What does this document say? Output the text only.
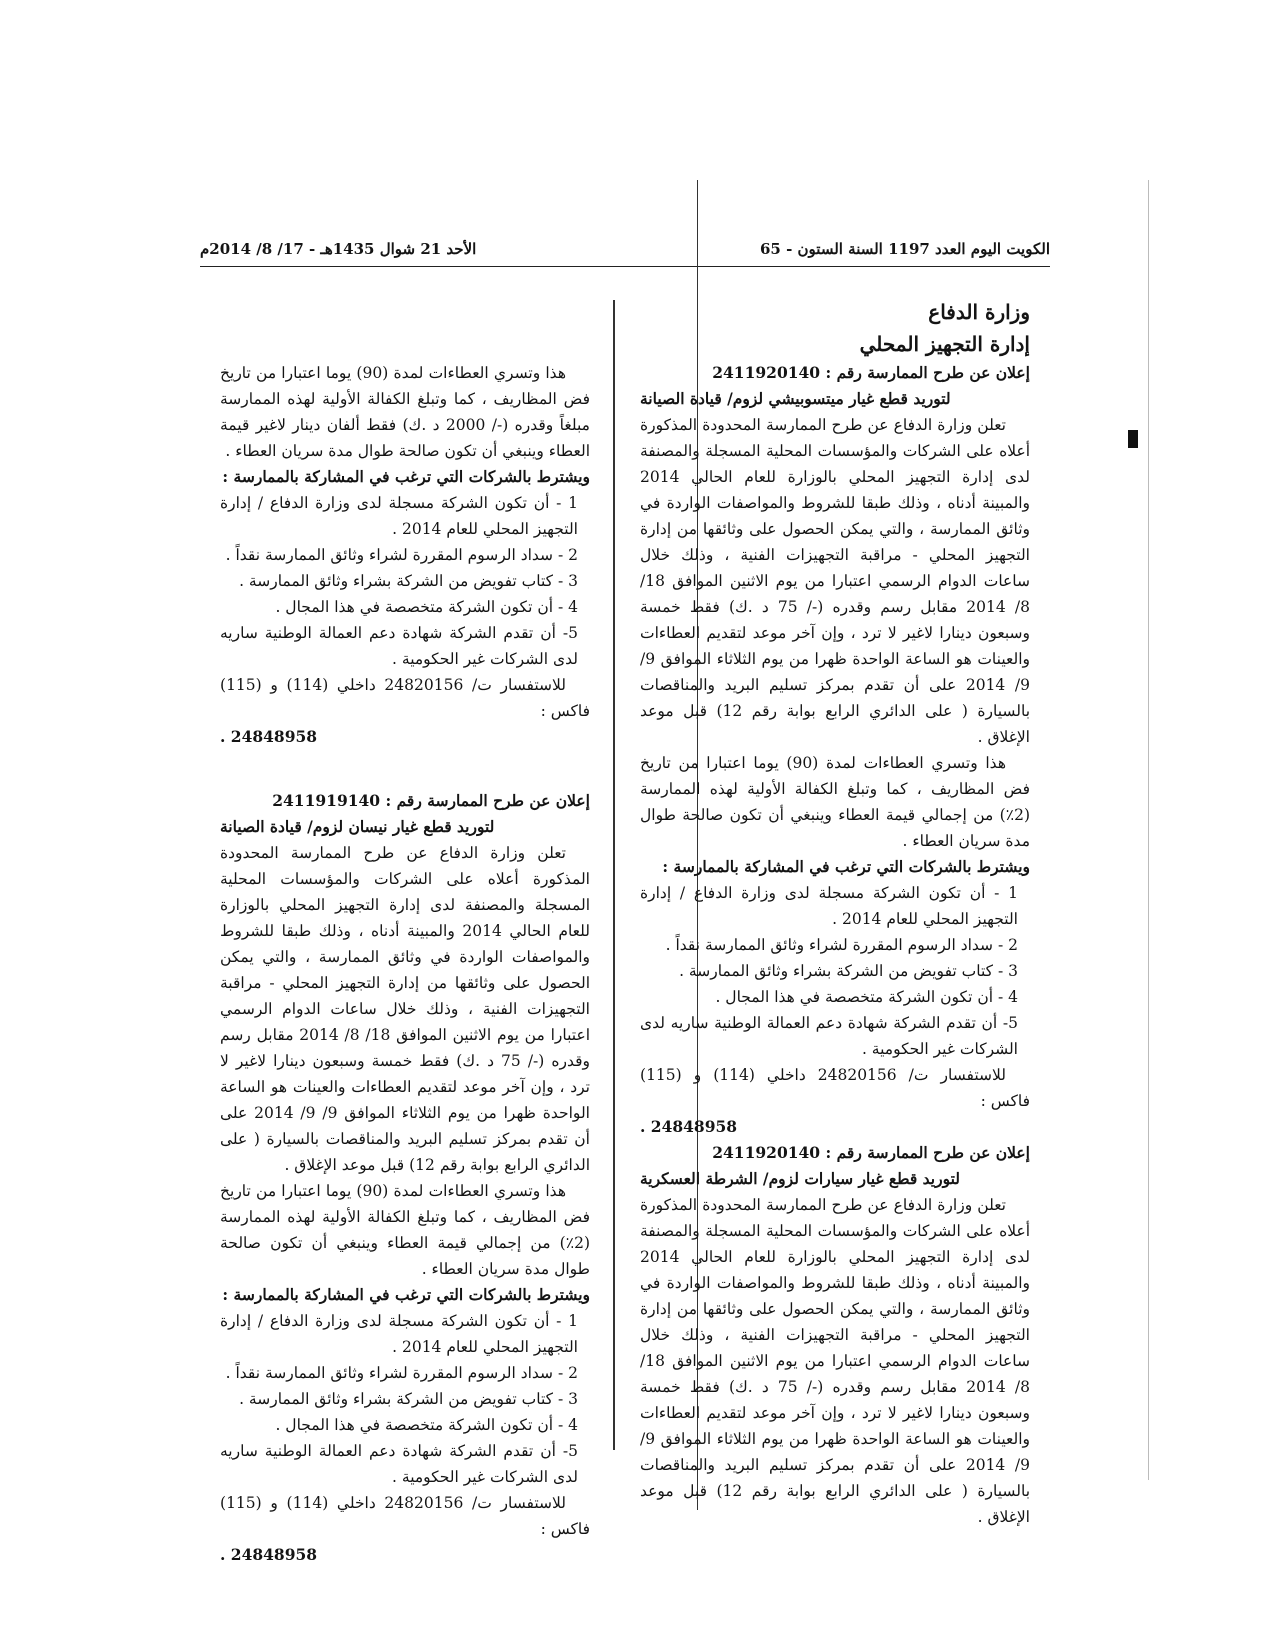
الكويت اليوم العدد 1197 السنة الستون - 65
الأحد 21 شوال 1435هـ - 17/ 8/ 2014م

وزارة الدفاع

إدارة التجهيز المحلي

إعلان عن طرح الممارسة رقم : 2411920140

لتوريد قطع غيار ميتسوبيشي لزوم/ قيادة الصيانة

تعلن وزارة الدفاع عن طرح الممارسة المحدودة المذكورة أعلاه على الشركات والمؤسسات المحلية المسجلة والمصنفة لدى إدارة التجهيز المحلي بالوزارة للعام الحالي 2014 والمبينة أدناه ، وذلك طبقا للشروط والمواصفات الواردة في وثائق الممارسة ، والتي يمكن الحصول على وثائقها من إدارة التجهيز المحلي - مراقبة التجهيزات الفنية ، وذلك خلال ساعات الدوام الرسمي اعتبارا من يوم الاثنين الموافق 18/ 8/ 2014 مقابل رسم وقدره (-/ 75 د .ك) فقط خمسة وسبعون دينارا لاغير لا ترد ، وإن آخر موعد لتقديم العطاءات والعينات هو الساعة الواحدة ظهرا من يوم الثلاثاء الموافق 9/ 9/ 2014 على أن تقدم بمركز تسليم البريد والمناقصات بالسيارة ( على الدائري الرابع بوابة رقم 12) قبل موعد الإغلاق .

هذا وتسري العطاءات لمدة (90) يوما اعتبارا من تاريخ فض المظاريف ، كما وتبلغ الكفالة الأولية لهذه الممارسة (2٪) من إجمالي قيمة العطاء وينبغي أن تكون صالحة طوال مدة سريان العطاء .

ويشترط بالشركات التي ترغب في المشاركة بالممارسة :

1 - أن تكون الشركة مسجلة لدى وزارة الدفاع / إدارة التجهيز المحلي للعام 2014 .

2 - سداد الرسوم المقررة لشراء وثائق الممارسة نقداً .

3 - كتاب تفويض من الشركة بشراء وثائق الممارسة .

4 - أن تكون الشركة متخصصة في هذا المجال .

5- أن تقدم الشركة شهادة دعم العمالة الوطنية ساريه لدى الشركات غير الحكومية .

للاستفسار ت/ 24820156 داخلي (114) و (115) فاكس :

24848958 .

إعلان عن طرح الممارسة رقم : 2411920140

لتوريد قطع غيار سيارات لزوم/ الشرطة العسكرية

تعلن وزارة الدفاع عن طرح الممارسة المحدودة المذكورة أعلاه على الشركات والمؤسسات المحلية المسجلة والمصنفة لدى إدارة التجهيز المحلي بالوزارة للعام الحالي 2014 والمبينة أدناه ، وذلك طبقا للشروط والمواصفات الواردة في وثائق الممارسة ، والتي يمكن الحصول على وثائقها من إدارة التجهيز المحلي - مراقبة التجهيزات الفنية ، وذلك خلال ساعات الدوام الرسمي اعتبارا من يوم الاثنين الموافق 18/ 8/ 2014 مقابل رسم وقدره (-/ 75 د .ك) فقط خمسة وسبعون دينارا لاغير لا ترد ، وإن آخر موعد لتقديم العطاءات والعينات هو الساعة الواحدة ظهرا من يوم الثلاثاء الموافق 9/ 9/ 2014 على أن تقدم بمركز تسليم البريد والمناقصات بالسيارة ( على الدائري الرابع بوابة رقم 12) قبل موعد الإغلاق .

هذا وتسري العطاءات لمدة (90) يوما اعتبارا من تاريخ فض المظاريف ، كما وتبلغ الكفالة الأولية لهذه الممارسة مبلغاً وقدره (-/ 2000 د .ك) فقط ألفان دينار لاغير قيمة العطاء وينبغي أن تكون صالحة طوال مدة سريان العطاء .

ويشترط بالشركات التي ترغب في المشاركة بالممارسة :

1 - أن تكون الشركة مسجلة لدى وزارة الدفاع / إدارة التجهيز المحلي للعام 2014 .

2 - سداد الرسوم المقررة لشراء وثائق الممارسة نقداً .

3 - كتاب تفويض من الشركة بشراء وثائق الممارسة .

4 - أن تكون الشركة متخصصة في هذا المجال .

5- أن تقدم الشركة شهادة دعم العمالة الوطنية ساريه لدى الشركات غير الحكومية .

للاستفسار ت/ 24820156 داخلي (114) و (115) فاكس :

24848958 .

إعلان عن طرح الممارسة رقم : 2411919140

لتوريد قطع غيار نيسان لزوم/ قيادة الصيانة

تعلن وزارة الدفاع عن طرح الممارسة المحدودة المذكورة أعلاه على الشركات والمؤسسات المحلية المسجلة والمصنفة لدى إدارة التجهيز المحلي بالوزارة للعام الحالي 2014 والمبينة أدناه ، وذلك طبقا للشروط والمواصفات الواردة في وثائق الممارسة ، والتي يمكن الحصول على وثائقها من إدارة التجهيز المحلي - مراقبة التجهيزات الفنية ، وذلك خلال ساعات الدوام الرسمي اعتبارا من يوم الاثنين الموافق 18/ 8/ 2014 مقابل رسم وقدره (-/ 75 د .ك) فقط خمسة وسبعون دينارا لاغير لا ترد ، وإن آخر موعد لتقديم العطاءات والعينات هو الساعة الواحدة ظهرا من يوم الثلاثاء الموافق 9/ 9/ 2014 على أن تقدم بمركز تسليم البريد والمناقصات بالسيارة ( على الدائري الرابع بوابة رقم 12) قبل موعد الإغلاق .

هذا وتسري العطاءات لمدة (90) يوما اعتبارا من تاريخ فض المظاريف ، كما وتبلغ الكفالة الأولية لهذه الممارسة (2٪) من إجمالي قيمة العطاء وينبغي أن تكون صالحة طوال مدة سريان العطاء .

ويشترط بالشركات التي ترغب في المشاركة بالممارسة :

1 - أن تكون الشركة مسجلة لدى وزارة الدفاع / إدارة التجهيز المحلي للعام 2014 .

2 - سداد الرسوم المقررة لشراء وثائق الممارسة نقداً .

3 - كتاب تفويض من الشركة بشراء وثائق الممارسة .

4 - أن تكون الشركة متخصصة في هذا المجال .

5- أن تقدم الشركة شهادة دعم العمالة الوطنية ساريه لدى الشركات غير الحكومية .

للاستفسار ت/ 24820156 داخلي (114) و (115) فاكس :

24848958 .
